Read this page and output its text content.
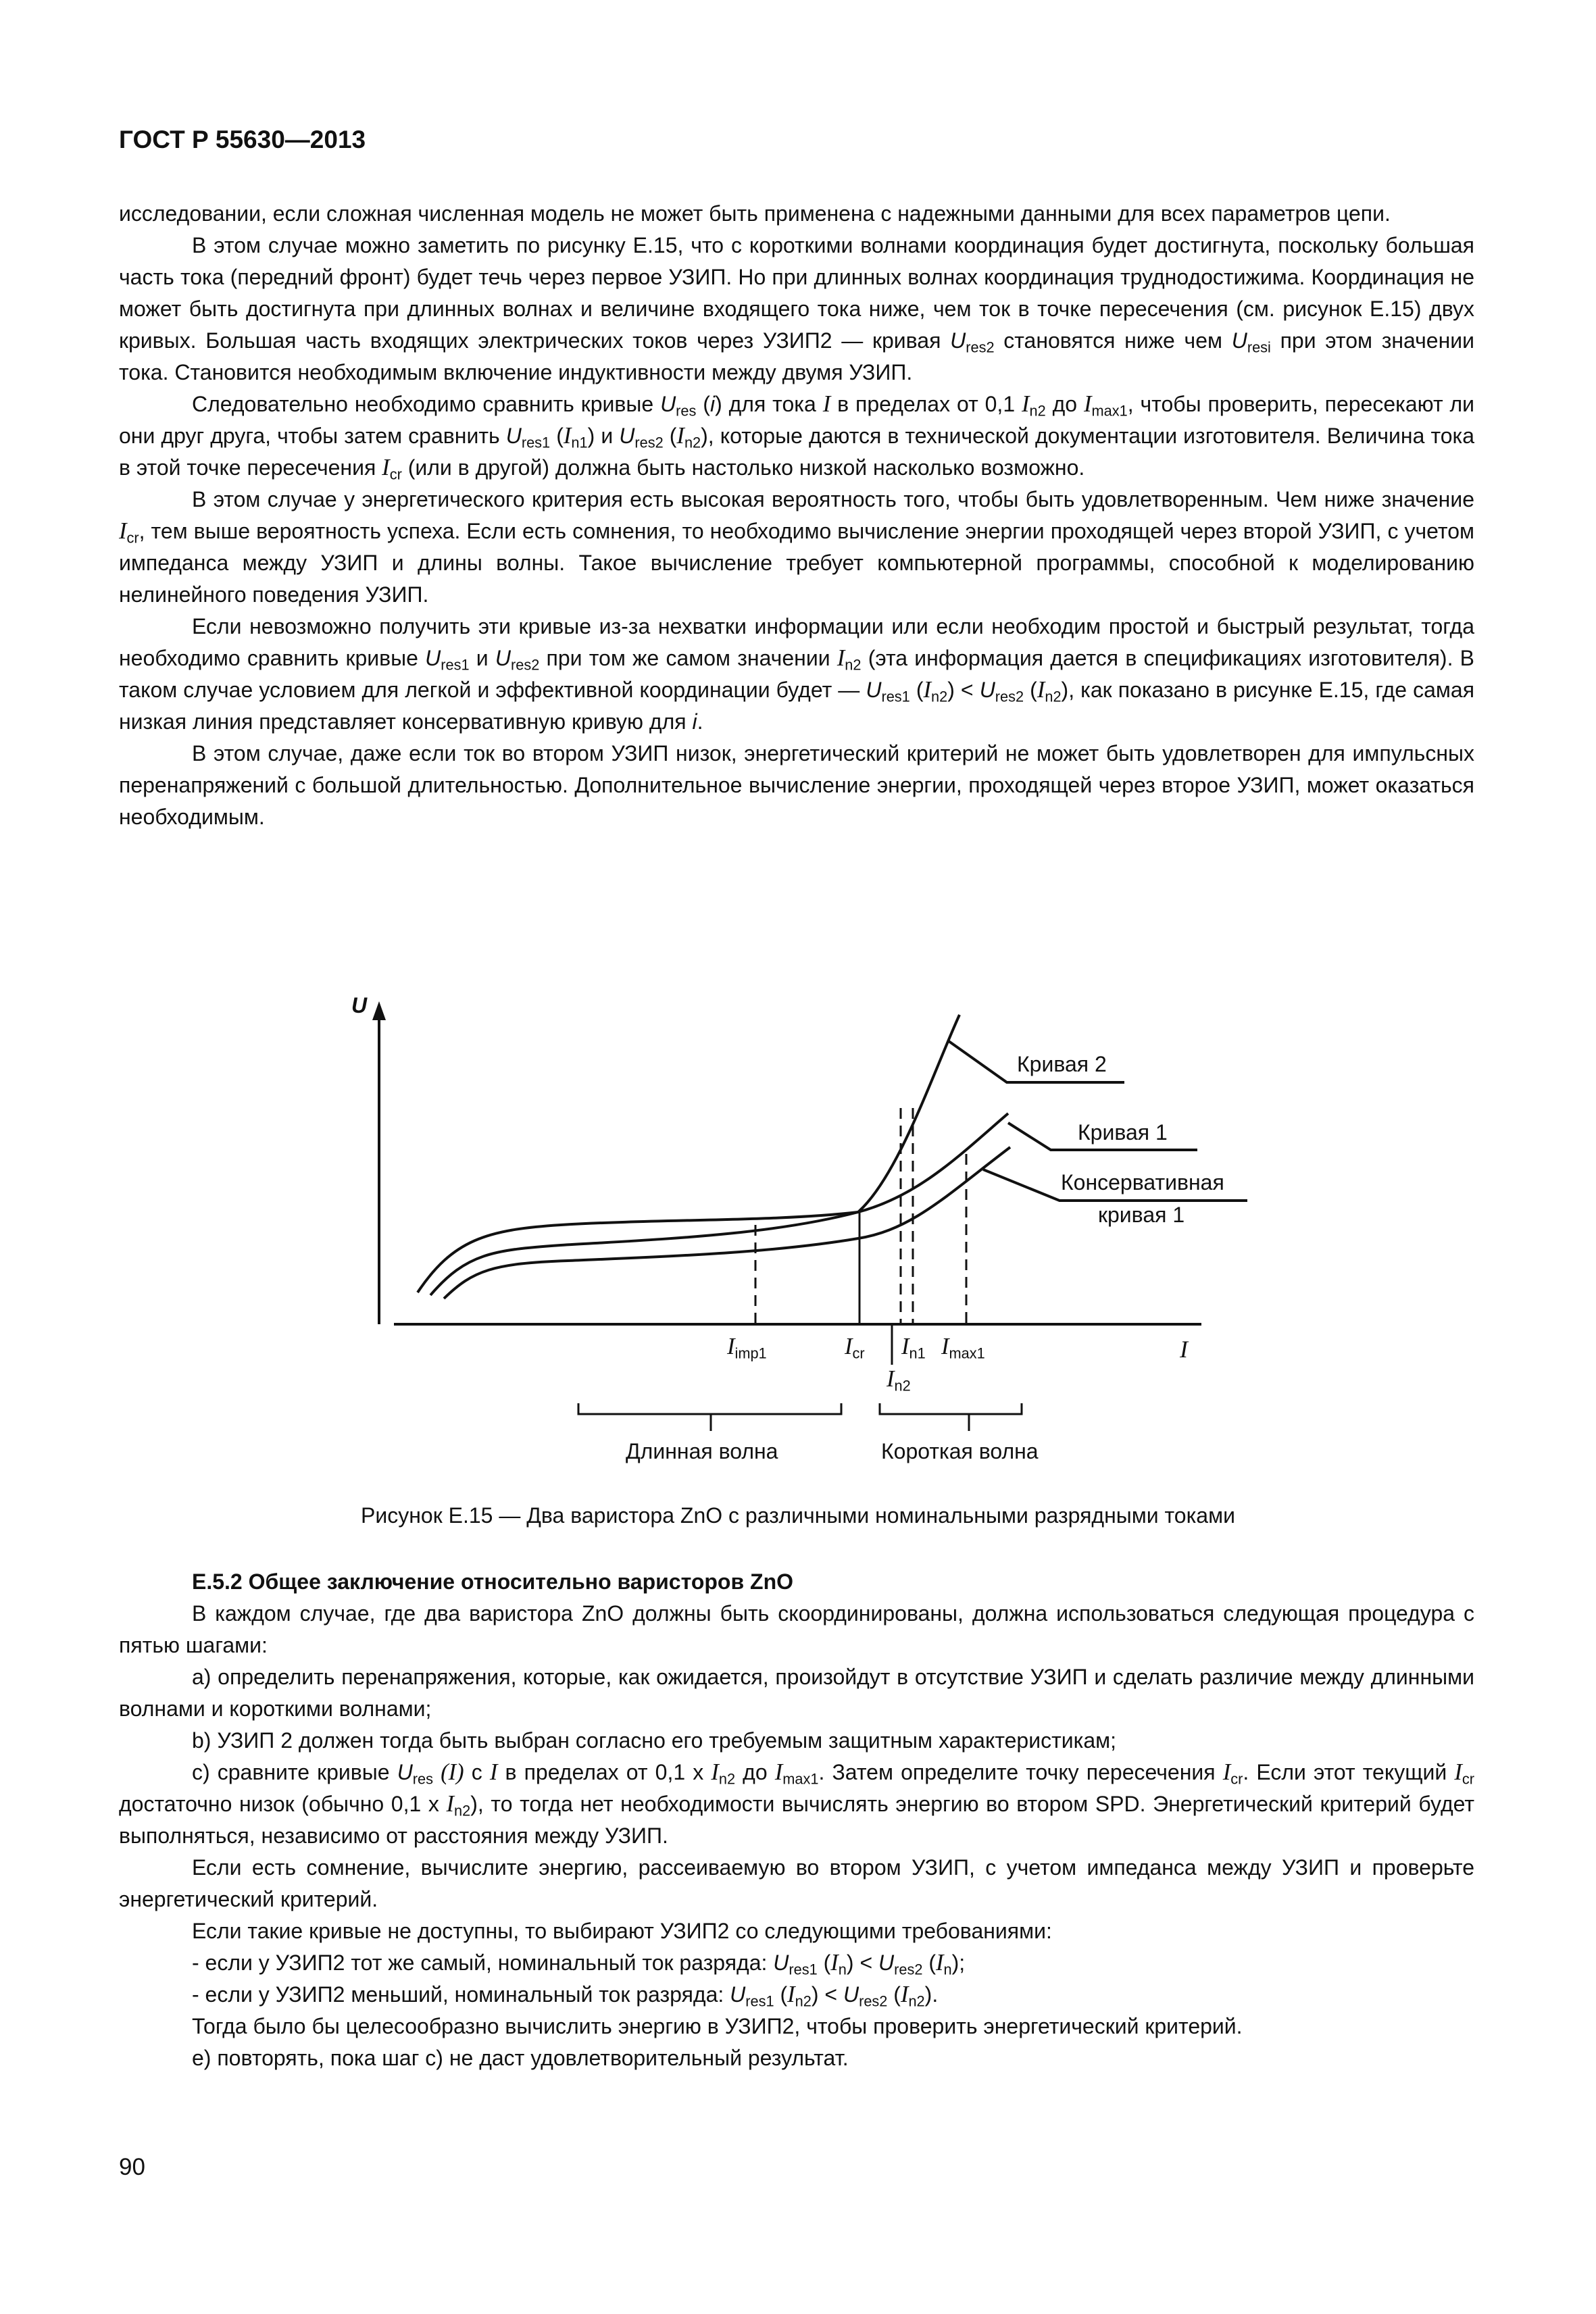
ГОСТ Р 55630—2013

исследовании, если сложная численная модель не может быть применена с надежными данными для всех параметров цепи.

В этом случае можно заметить по рисунку Е.15, что с короткими волнами координация будет достигнута, поскольку большая часть тока (передний фронт) будет течь через первое УЗИП. Но при длинных волнах координация труднодостижима. Координация не может быть достигнута при длинных волнах и величине входящего тока ниже, чем ток в точке пересечения (см. рисунок Е.15) двух кривых. Большая часть входящих электрических токов через УЗИП2 — кривая $U_{res2}$ становятся ниже чем $U_{resi}$ при этом значении тока. Становится необходимым включение индуктивности между двумя УЗИП.

Следовательно необходимо сравнить кривые $U_{res}$ (i) для тока I в пределах от 0,1 $I_{n2}$ до $I_{max1}$, чтобы проверить, пересекают ли они друг друга, чтобы затем сравнить $U_{res1}$ $(I_{n1})$ и $U_{res2}$ $(I_{n2})$, которые даются в технической документации изготовителя. Величина тока в этой точке пересечения $I_{cr}$ (или в другой) должна быть настолько низкой насколько возможно.

В этом случае у энергетического критерия есть высокая вероятность того, чтобы быть удовлетворенным. Чем ниже значение $I_{cr}$, тем выше вероятность успеха. Если есть сомнения, то необходимо вычисление энергии проходящей через второй УЗИП, с учетом импеданса между УЗИП и длины волны. Такое вычисление требует компьютерной программы, способной к моделированию нелинейного поведения УЗИП.

Если невозможно получить эти кривые из-за нехватки информации или если необходим простой и быстрый результат, тогда необходимо сравнить кривые $U_{res1}$ и $U_{res2}$ при том же самом значении $I_{n2}$ (эта информация дается в спецификациях изготовителя). В таком случае условием для легкой и эффективной координации будет — $U_{res1}$ $(I_{n2}) < U_{res2}$ $(I_{n2})$, как показано в рисунке Е.15, где самая низкая линия представляет консервативную кривую для i.

В этом случае, даже если ток во втором УЗИП низок, энергетический критерий не может быть удовлетворен для импульсных перенапряжений с большой длительностью. Дополнительное вычисление энергии, проходящей через второе УЗИП, может оказаться необходимым.

U
I
Кривая 2
Кривая 1
Консервативная
кривая 1
$I_{imp1}$	$I_{cr}$ $I_{n1}$ $I_{max1}$
$I_{n2}$
Длинная волна	Короткая волна
Рисунок Е.15 — Два варистора ZnO с различными номинальными разрядными токами

Е.5.2 Общее заключение относительно варисторов ZnO

В каждом случае, где два варистора ZnO должны быть скоординированы, должна использоваться следующая процедура с пятью шагами:

a) определить перенапряжения, которые, как ожидается, произойдут в отсутствие УЗИП и сделать различие между длинными волнами и короткими волнами;

b) УЗИП 2 должен тогда быть выбран согласно его требуемым защитным характеристикам;

c) сравните кривые $U_{res}$ (I) с I в пределах от 0,1 x $I_{n2}$ до $I_{max1}$. Затем определите точку пересечения $I_{cr}$. Если этот текущий $I_{cr}$ достаточно низок (обычно 0,1 x $I_{n2}$), то тогда нет необходимости вычислять энергию во втором SPD. Энергетический критерий будет выполняться, независимо от расстояния между УЗИП.

Если есть сомнение, вычислите энергию, рассеиваемую во втором УЗИП, с учетом импеданса между УЗИП и проверьте энергетический критерий.

Если такие кривые не доступны, то выбирают УЗИП2 со следующими требованиями:

- если у УЗИП2 тот же самый, номинальный ток разряда: $U_{res1}$ $(I_n) < U_{res2}$ $(I_n)$;

- если у УЗИП2 меньший, номинальный ток разряда: $U_{res1}$ $(I_{n2}) < U_{res2}$ $(I_{n2})$.

Тогда было бы целесообразно вычислить энергию в УЗИП2, чтобы проверить энергетический критерий.

e) повторять, пока шаг с) не даст удовлетворительный результат.

90
